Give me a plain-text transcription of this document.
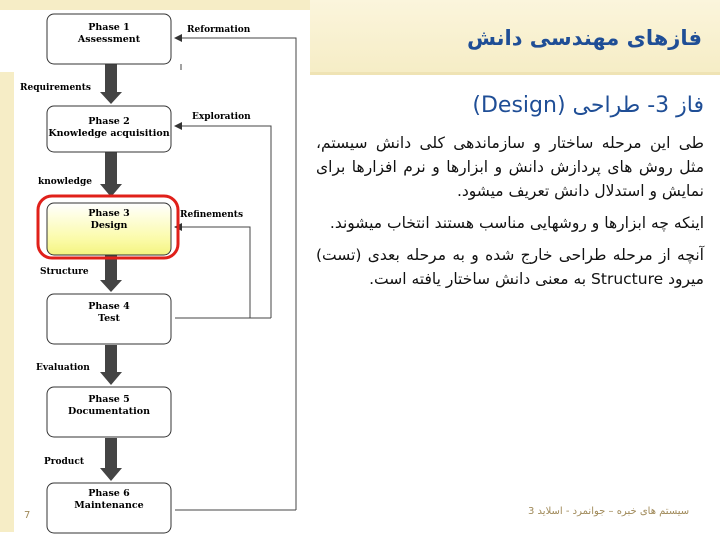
فازهای مهندسی دانش
Phase 1
Assessment
Phase 2
Knowledge acquisition
Phase 3
Design
Phase 4
Test
Phase 5
Documentation
Phase 6
Maintenance
Requirements
knowledge
Structure
Evaluation
Product
Reformation
Exploration
Refinements
فاز 3- طراحی (Design)

طی این مرحله ساختار و سازماندهی کلی دانش سیستم، مثل روش های پردازش دانش و ابزارها و نرم افزارها برای نمایش و استدلال دانش تعریف میشود.

اینکه چه ابزارها و روشهایی مناسب هستند انتخاب میشوند.

آنچه از مرحله طراحی خارج شده و به مرحله بعدی (تست) میرود Structure به معنی دانش ساختار یافته است.

سیستم های خبره – جوانمرد - اسلاید 3
7
